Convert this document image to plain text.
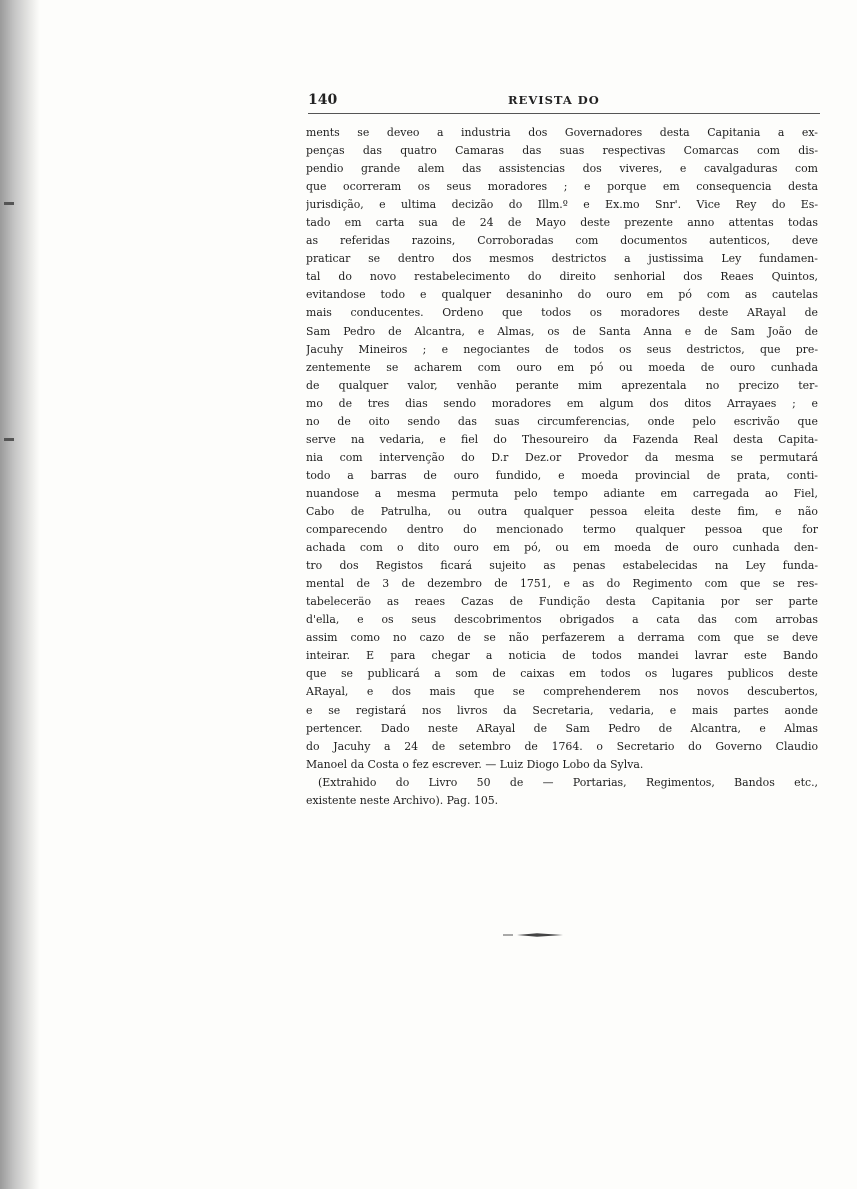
140	REVISTA DO
ments se deveo a industria dos Governadores desta Capitania a ex-
penças das quatro Camaras das suas respectivas Comarcas com dis-
pendio grande alem das assistencias dos viveres, e cavalgaduras com
que ocorreram os seus moradores ; e porque em consequencia desta
jurisdição, e ultima decizão do Illm.º e Ex.mo Snr'. Vice Rey do Es-
tado em carta sua de 24 de Mayo deste prezente anno attentas todas
as referidas razoins, Corroboradas com documentos autenticos, deve
praticar se dentro dos mesmos destrictos a justissima Ley fundamen-
tal do novo restabelecimento do direito senhorial dos Reaes Quintos,
evitandose todo e qualquer desaninho do ouro em pó com as cautelas
mais conducentes. Ordeno que todos os moradores deste ARayal de
Sam Pedro de Alcantra, e Almas, os de Santa Anna e de Sam João de
Jacuhy Mineiros ; e negociantes de todos os seus destrictos, que pre-
zentemente se acharem com ouro em pó ou moeda de ouro cunhada
de qualquer valor, venhão perante mim aprezentala no precizo ter-
mo de tres dias sendo moradores em algum dos ditos Arrayaes ; e
no de oito sendo das suas circumferencias, onde pelo escrivão que
serve na vedaria, e fiel do Thesoureiro da Fazenda Real desta Capita-
nia com intervenção do D.r Dez.or Provedor da mesma se permutará
todo a barras de ouro fundido, e moeda provincial de prata, conti-
nuandose a mesma permuta pelo tempo adiante em carregada ao Fiel,
Cabo de Patrulha, ou outra qualquer pessoa eleita deste fim, e não
comparecendo dentro do mencionado termo qualquer pessoa que for
achada com o dito ouro em pó, ou em moeda de ouro cunhada den-
tro dos Registos ficará sujeito as penas estabelecidas na Ley funda-
mental de 3 de dezembro de 1751, e as do Regimento com que se res-
tabeleceräo as reaes Cazas de Fundição desta Capitania por ser parte
d'ella, e os seus descobrimentos obrigados a cata das com arrobas
assim como no cazo de se não perfazerem a derrama com que se deve
inteirar. E para chegar a noticia de todos mandei lavrar este Bando
que se publicará a som de caixas em todos os lugares publicos deste
ARayal, e dos mais que se comprehenderem nos novos descubertos,
e se registará nos livros da Secretaria, vedaria, e mais partes aonde
pertencer. Dado neste ARayal de Sam Pedro de Alcantra, e Almas
do Jacuhy a 24 de setembro de 1764. o Secretario do Governo Claudio
Manoel da Costa o fez escrever. — Luiz Diogo Lobo da Sylva.
(Extrahido do Livro 50 de — Portarias, Regimentos, Bandos etc.,
existente neste Archivo). Pag. 105.
